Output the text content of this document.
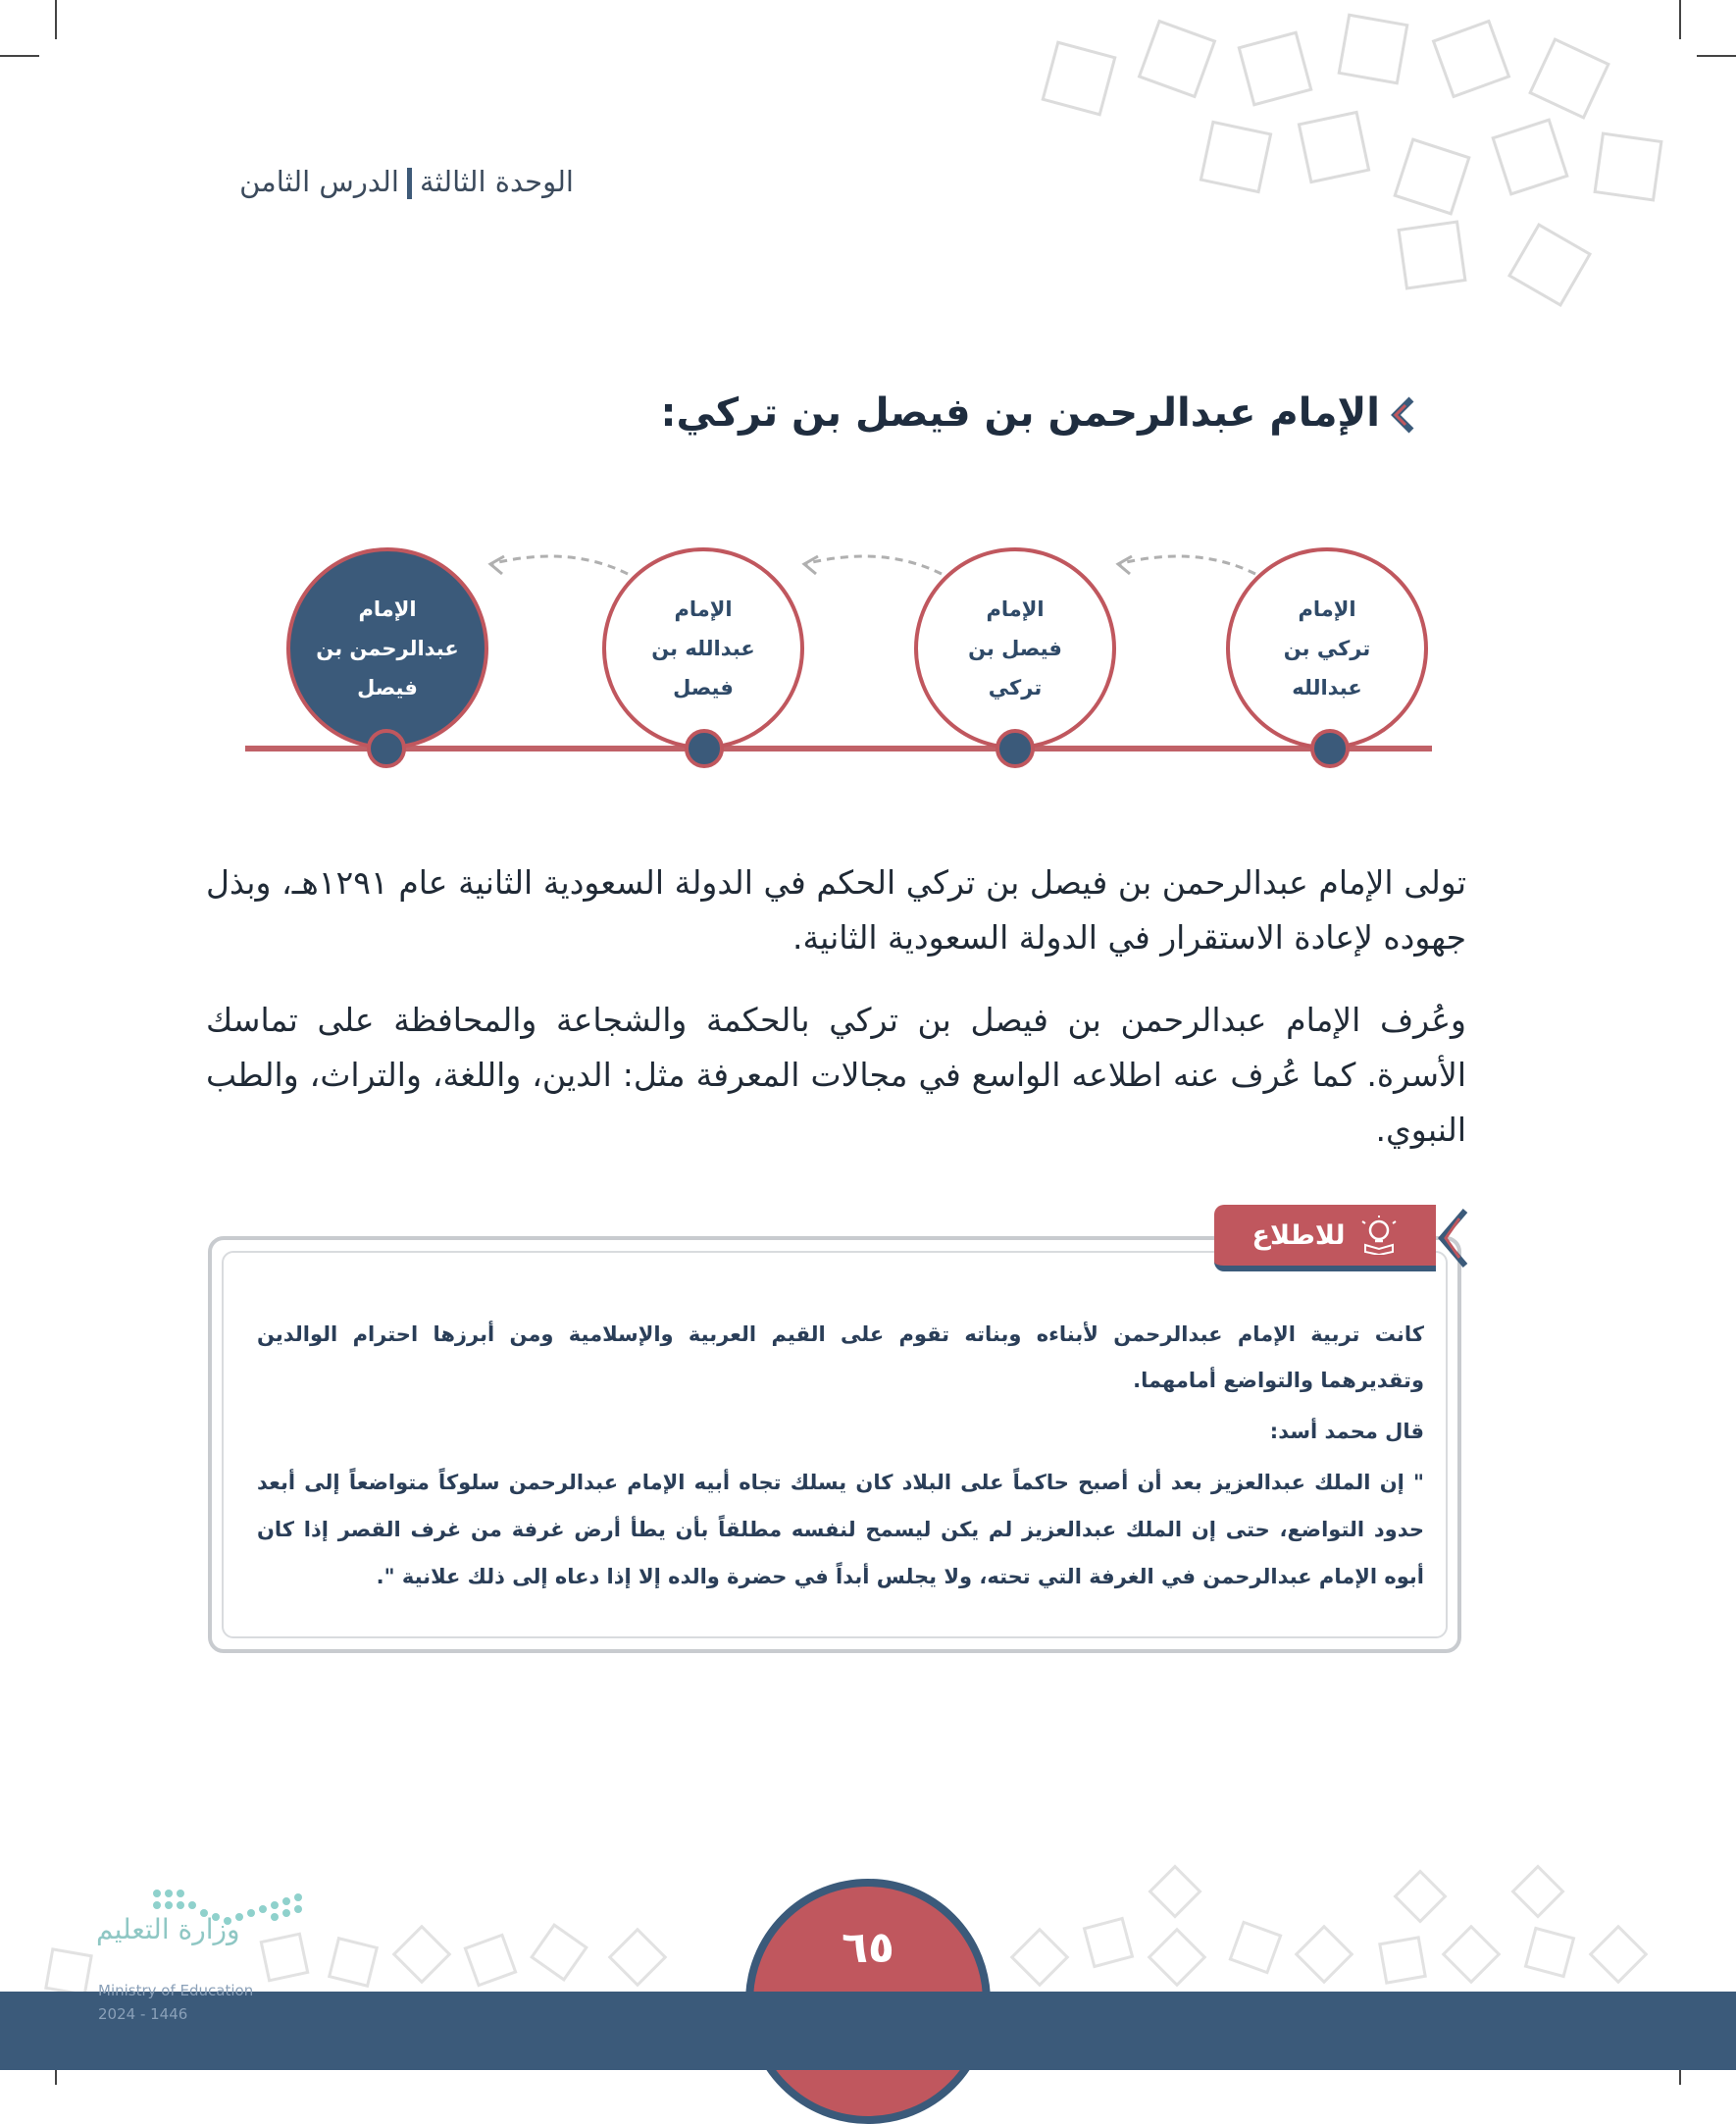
الوحدة الثالثةالدرس الثامن
الإمام عبدالرحمن بن فيصل بن تركي:
الإمام
تركي بن
عبدالله
الإمام
فيصل بن
تركي
الإمام
عبدالله بن
فيصل
الإمام
عبدالرحمن بن
فيصل
تولى الإمام عبدالرحمن بن فيصل بن تركي الحكم في الدولة السعودية الثانية عام ١٢٩١هـ، وبذل جهوده لإعادة الاستقرار في الدولة السعودية الثانية.
وعُرف الإمام عبدالرحمن بن فيصل بن تركي بالحكمة والشجاعة والمحافظة على تماسك الأسرة. كما عُرف عنه اطلاعه الواسع في مجالات المعرفة مثل: الدين، واللغة، والتراث، والطب النبوي.
للاطلاع
كانت تربية الإمام عبدالرحمن لأبناءه وبناته تقوم على القيم العربية والإسلامية ومن أبرزها احترام الوالدين وتقديرهما والتواضع أمامهما.
قال محمد أسد:
" إن الملك عبدالعزيز بعد أن أصبح حاكماً على البلاد كان يسلك تجاه أبيه الإمام عبدالرحمن سلوكاً متواضعاً إلى أبعد حدود التواضع، حتى إن الملك عبدالعزيز لم يكن ليسمح لنفسه مطلقاً بأن يطأ أرض غرفة من غرف القصر إذا كان أبوه الإمام عبدالرحمن في الغرفة التي تحته، ولا يجلس أبداً في حضرة والده إلا إذا دعاه إلى ذلك علانية ".
٦٥
وزارة التعليم
Ministry of Education
2024 - 1446
